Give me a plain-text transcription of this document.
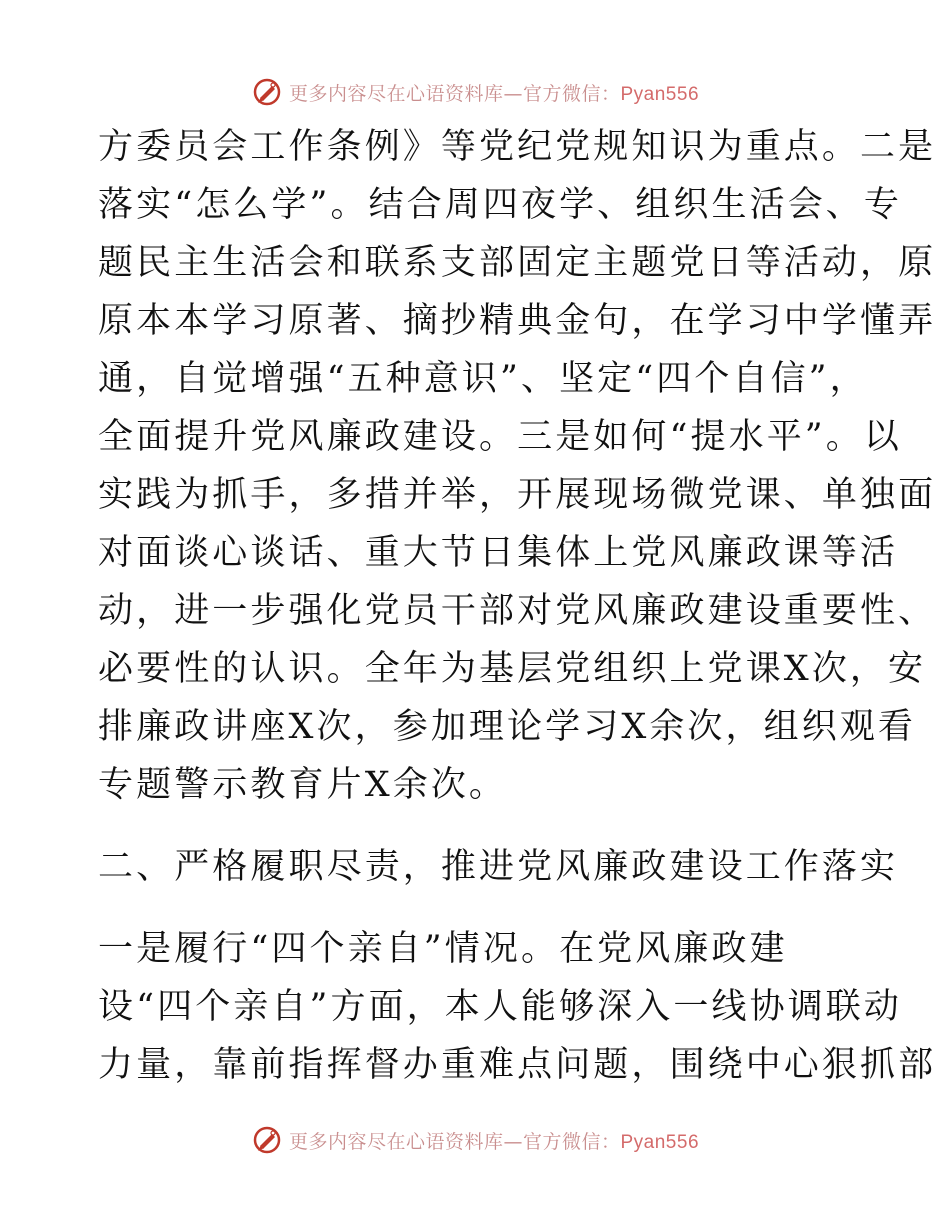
更多内容尽在心语资料库—官方微信：Pyan556
方委员会工作条例》等党纪党规知识为重点。二是
落实“怎么学”。结合周四夜学、组织生活会、专
题民主生活会和联系支部固定主题党日等活动，原
原本本学习原著、摘抄精典金句，在学习中学懂弄
通，自觉增强“五种意识”、坚定“四个自信”，
全面提升党风廉政建设。三是如何“提水平”。以
实践为抓手，多措并举，开展现场微党课、单独面
对面谈心谈话、重大节日集体上党风廉政课等活
动，进一步强化党员干部对党风廉政建设重要性、
必要性的认识。全年为基层党组织上党课X次，安
排廉政讲座X次，参加理论学习X余次，组织观看
专题警示教育片X余次。
二、严格履职尽责，推进党风廉政建设工作落实
一是履行“四个亲自”情况。在党风廉政建
设“四个亲自”方面，本人能够深入一线协调联动
力量，靠前指挥督办重难点问题，围绕中心狠抓部
更多内容尽在心语资料库—官方微信：Pyan556
